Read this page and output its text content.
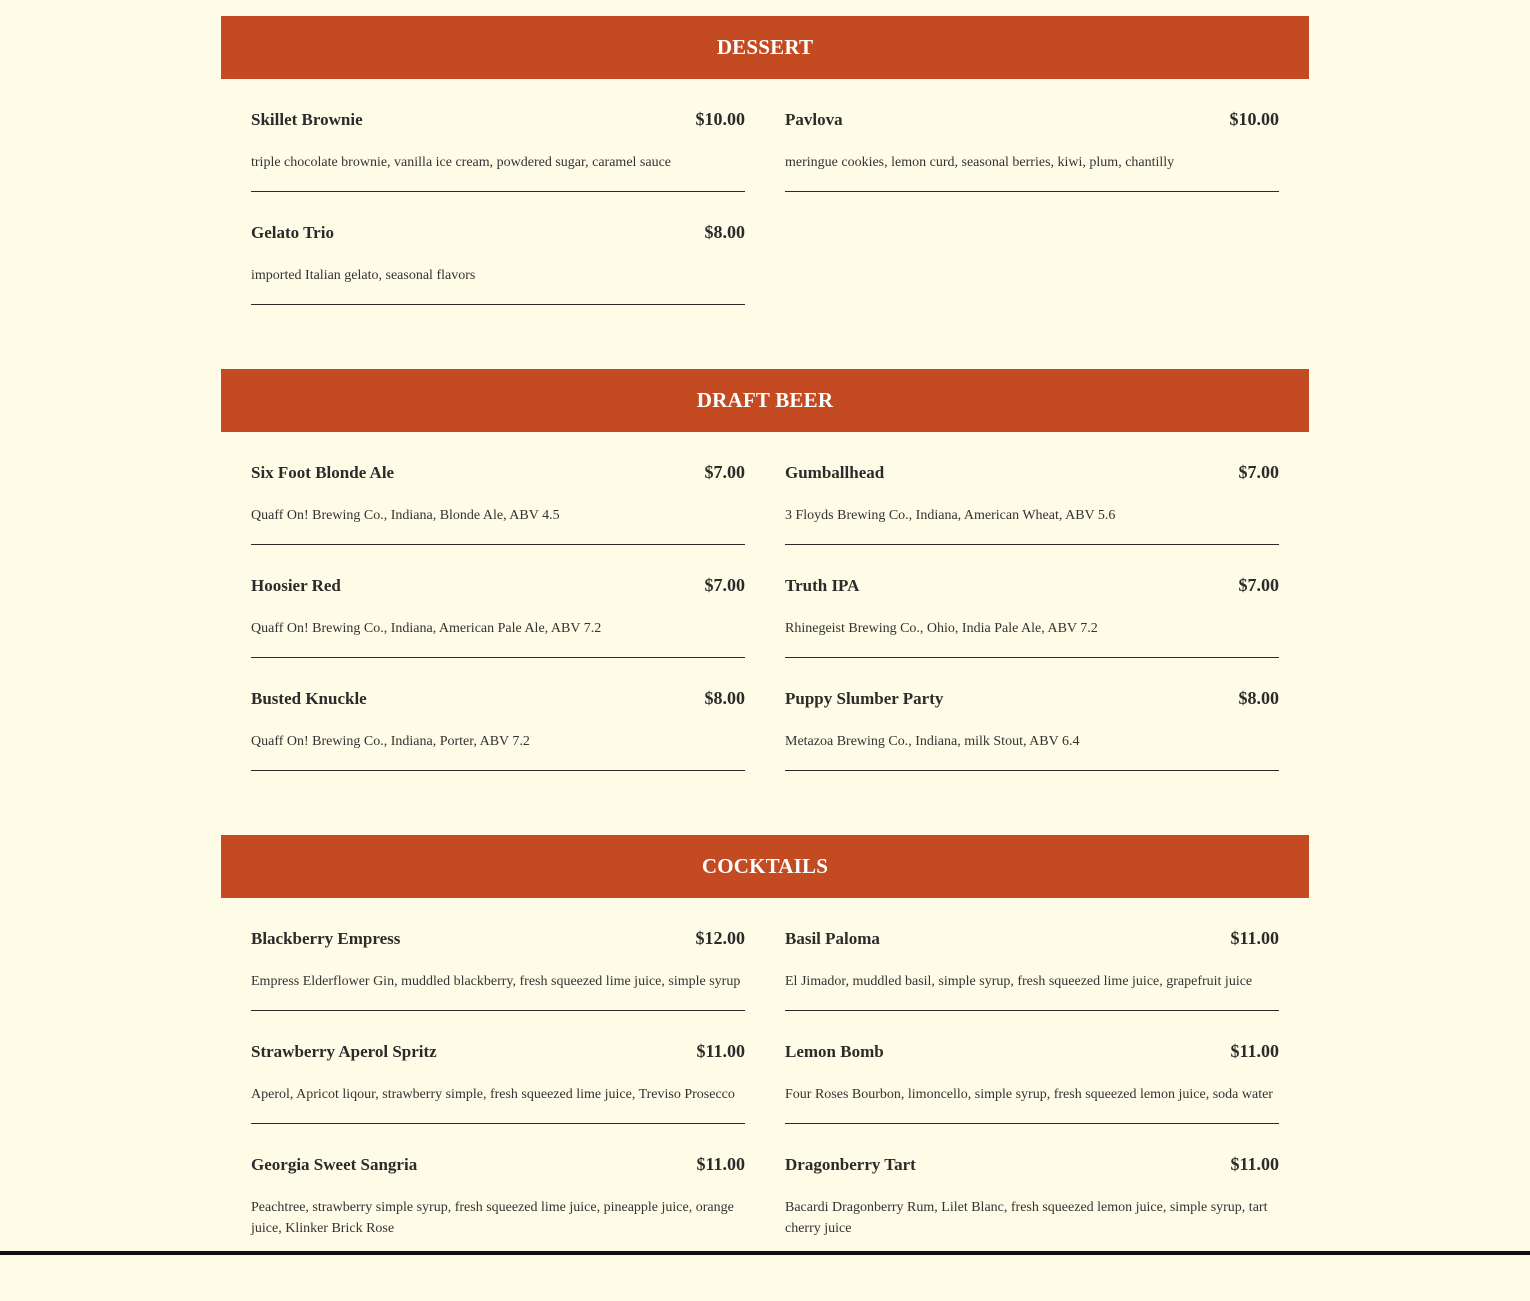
DESSERT
Skillet Brownie	$10.00
triple chocolate brownie, vanilla ice cream, powdered sugar, caramel sauce
Pavlova	$10.00
meringue cookies, lemon curd, seasonal berries, kiwi, plum, chantilly
Gelato Trio	$8.00
imported Italian gelato, seasonal flavors
DRAFT BEER
Six Foot Blonde Ale	$7.00
Quaff On! Brewing Co., Indiana, Blonde Ale, ABV 4.5
Gumballhead	$7.00
3 Floyds Brewing Co., Indiana, American Wheat, ABV 5.6
Hoosier Red	$7.00
Quaff On! Brewing Co., Indiana, American Pale Ale, ABV 7.2
Truth IPA	$7.00
Rhinegeist Brewing Co., Ohio, India Pale Ale, ABV 7.2
Busted Knuckle	$8.00
Quaff On! Brewing Co., Indiana, Porter, ABV 7.2
Puppy Slumber Party	$8.00
Metazoa Brewing Co., Indiana, milk Stout, ABV 6.4
COCKTAILS
Blackberry Empress	$12.00
Empress Elderflower Gin, muddled blackberry, fresh squeezed lime juice, simple syrup
Basil Paloma	$11.00
El Jimador, muddled basil, simple syrup, fresh squeezed lime juice, grapefruit juice
Strawberry Aperol Spritz	$11.00
Aperol, Apricot liqour, strawberry simple, fresh squeezed lime juice, Treviso Prosecco
Lemon Bomb	$11.00
Four Roses Bourbon, limoncello, simple syrup, fresh squeezed lemon juice, soda water
Georgia Sweet Sangria	$11.00
Peachtree, strawberry simple syrup, fresh squeezed lime juice, pineapple juice, orange juice, Klinker Brick Rose
Dragonberry Tart	$11.00
Bacardi Dragonberry Rum, Lilet Blanc, fresh squeezed lemon juice, simple syrup, tart cherry juice
